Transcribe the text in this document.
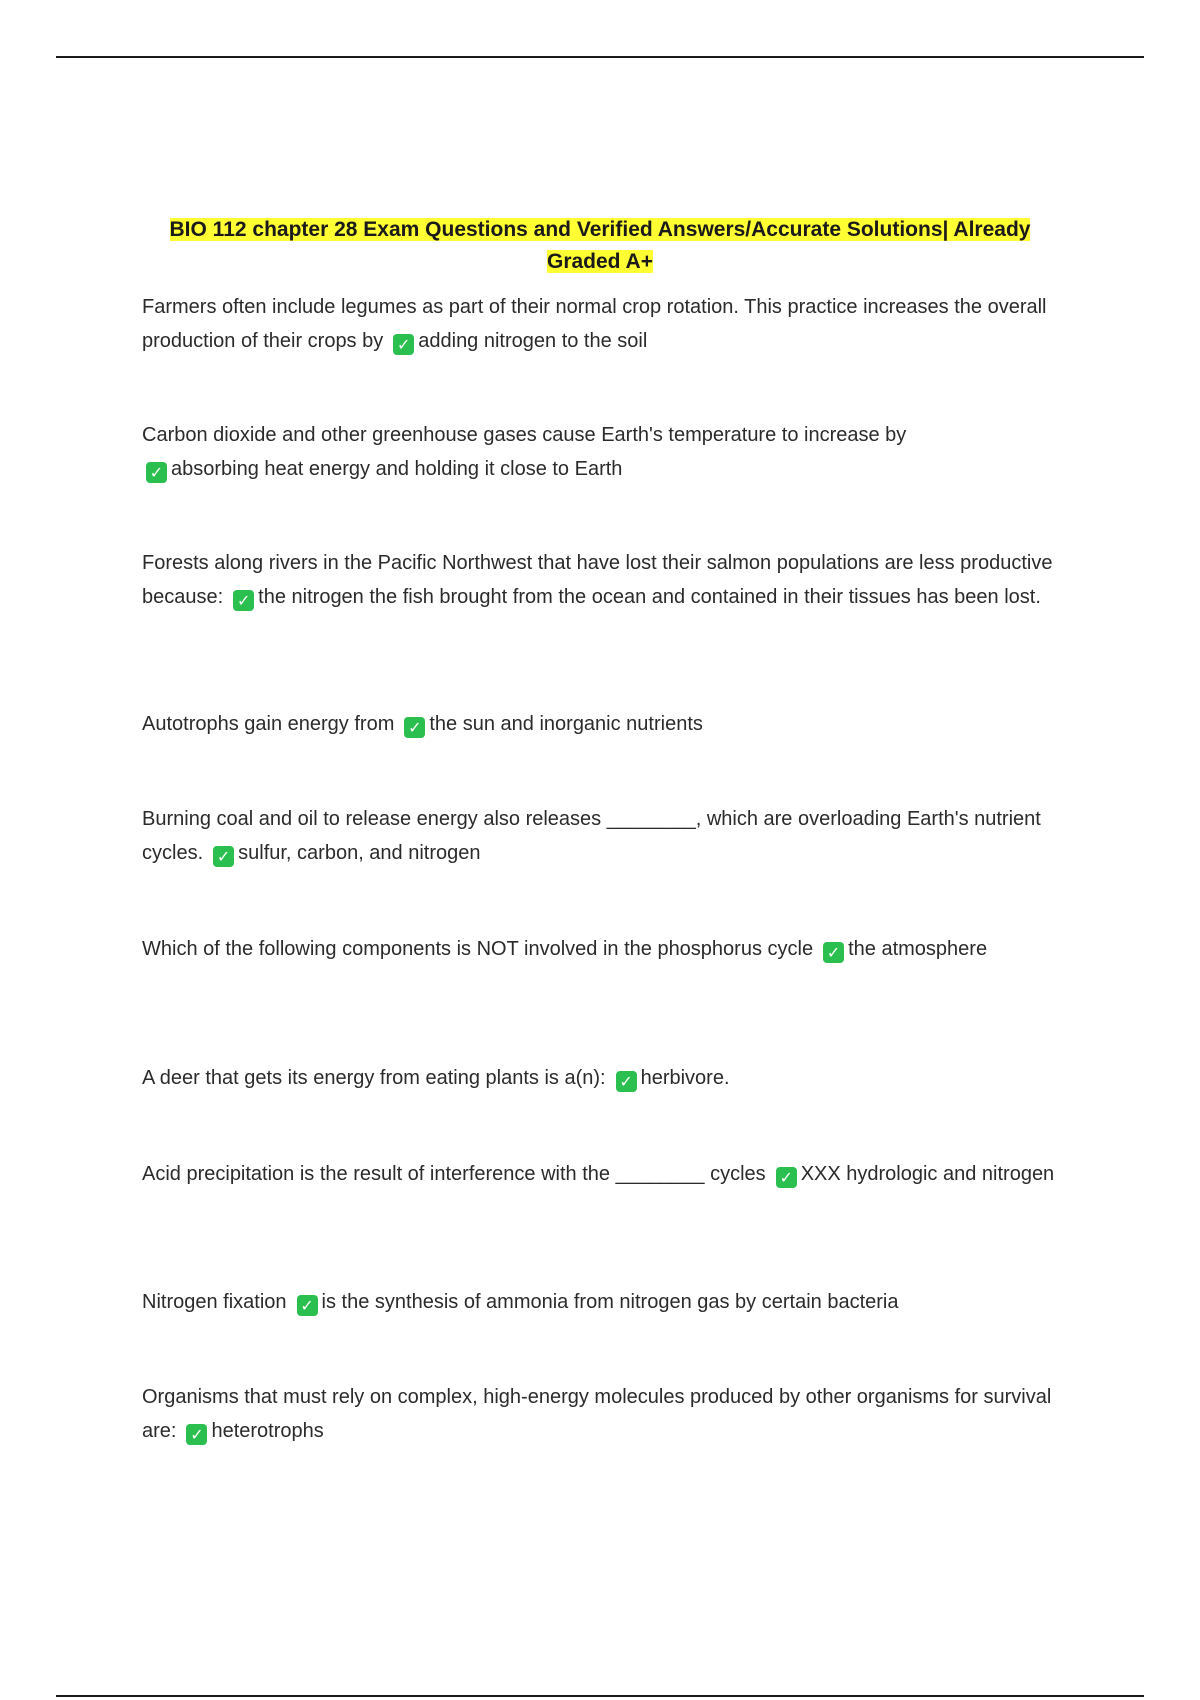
BIO 112 chapter 28 Exam Questions and Verified Answers/Accurate Solutions| Already
Graded A+
Farmers often include legumes as part of their normal crop rotation. This practice increases the overall production of their crops by ✓ adding nitrogen to the soil
Carbon dioxide and other greenhouse gases cause Earth's temperature to increase by
✓ absorbing heat energy and holding it close to Earth
Forests along rivers in the Pacific Northwest that have lost their salmon populations are less productive because: ✓ the nitrogen the fish brought from the ocean and contained in their tissues has been lost.
Autotrophs gain energy from ✓ the sun and inorganic nutrients
Burning coal and oil to release energy also releases ________, which are overloading Earth's nutrient cycles. ✓ sulfur, carbon, and nitrogen
Which of the following components is NOT involved in the phosphorus cycle ✓ the atmosphere
A deer that gets its energy from eating plants is a(n): ✓ herbivore.
Acid precipitation is the result of interference with the ________ cycles ✓ XXX hydrologic and nitrogen
Nitrogen fixation ✓ is the synthesis of ammonia from nitrogen gas by certain bacteria
Organisms that must rely on complex, high-energy molecules produced by other organisms for survival are: ✓ heterotrophs
